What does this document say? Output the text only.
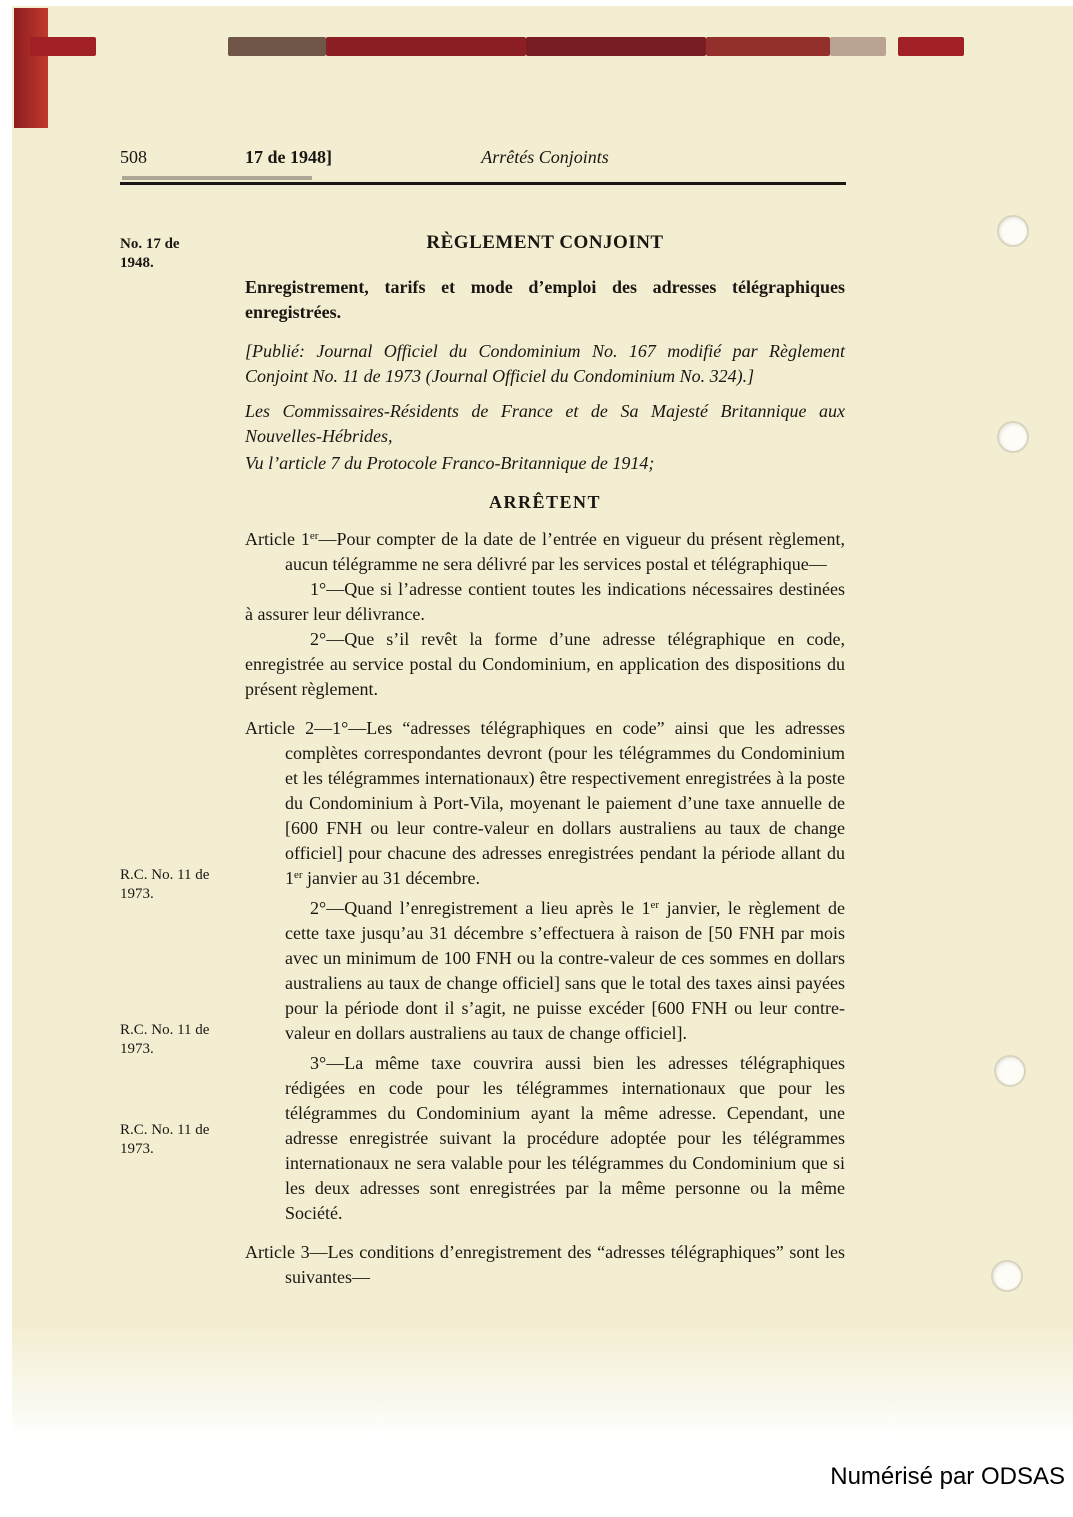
508	17 de 1948]	Arrêtés Conjoints
No. 17 de 1948.
R.C. No. 11 de 1973.
R.C. No. 11 de 1973.
R.C. No. 11 de 1973.
RÈGLEMENT CONJOINT
Enregistrement, tarifs et mode d’emploi des adresses télégraphiques enregistrées.
[Publié: Journal Officiel du Condominium No. 167 modifié par Règlement Conjoint No. 11 de 1973 (Journal Officiel du Condominium No. 324).]
Les Commissaires-Résidents de France et de Sa Majesté Britannique aux Nouvelles-Hébrides,
Vu l’article 7 du Protocole Franco-Britannique de 1914;
ARRÊTENT
Article 1er—Pour compter de la date de l’entrée en vigueur du présent règlement, aucun télégramme ne sera délivré par les services postal et télégraphique—
1°—Que si l’adresse contient toutes les indications nécessaires destinées à assurer leur délivrance.
2°—Que s’il revêt la forme d’une adresse télégraphique en code, enregistrée au service postal du Condominium, en application des dispositions du présent règlement.
Article 2—1°—Les “adresses télégraphiques en code” ainsi que les adresses complètes correspondantes devront (pour les télégrammes du Condominium et les télégrammes internationaux) être respectivement enregistrées à la poste du Condominium à Port-Vila, moyenant le paiement d’une taxe annuelle de [600 FNH ou leur contre-valeur en dollars australiens au taux de change officiel] pour chacune des adresses enregistrées pendant la période allant du 1er janvier au 31 décembre.
2°—Quand l’enregistrement a lieu après le 1er janvier, le règlement de cette taxe jusqu’au 31 décembre s’effectuera à raison de [50 FNH par mois avec un minimum de 100 FNH ou la contre-valeur de ces sommes en dollars australiens au taux de change officiel] sans que le total des taxes ainsi payées pour la période dont il s’agit, ne puisse excéder [600 FNH ou leur contre-valeur en dollars australiens au taux de change officiel].
3°—La même taxe couvrira aussi bien les adresses télégraphiques rédigées en code pour les télégrammes internationaux que pour les télégrammes du Condominium ayant la même adresse. Cependant, une adresse enregistrée suivant la procédure adoptée pour les télégrammes internationaux ne sera valable pour les télégrammes du Condominium que si les deux adresses sont enregistrées par la même personne ou la même Société.
Article 3—Les conditions d’enregistrement des “adresses télégraphiques” sont les suivantes—
Numérisé par ODSAS
